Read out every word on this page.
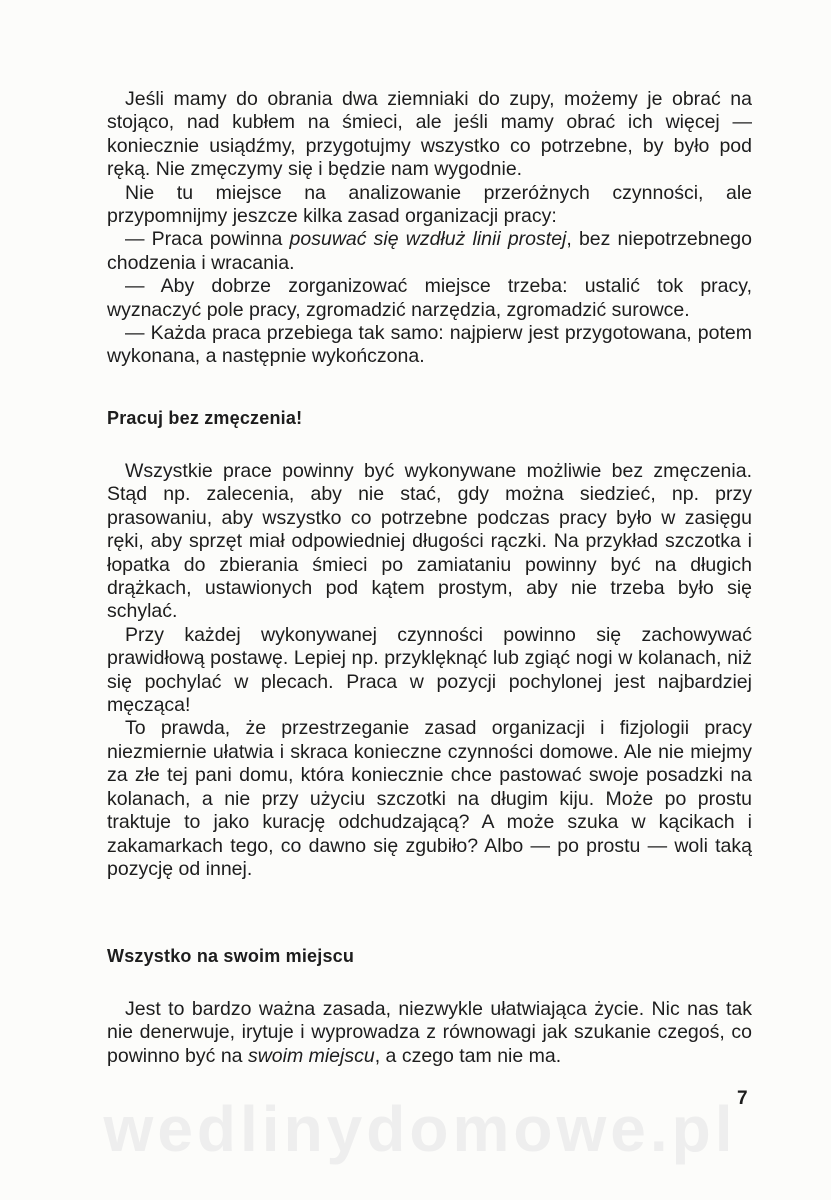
Jeśli mamy do obrania dwa ziemniaki do zupy, możemy je obrać na stojąco, nad kubłem na śmieci, ale jeśli mamy obrać ich więcej — koniecznie usiądźmy, przygotujmy wszystko co potrzebne, by było pod ręką. Nie zmęczymy się i będzie nam wygodnie.

Nie tu miejsce na analizowanie przeróżnych czynności, ale przypomnijmy jeszcze kilka zasad organizacji pracy:

— Praca powinna posuwać się wzdłuż linii prostej, bez niepotrzebnego chodzenia i wracania.

— Aby dobrze zorganizować miejsce trzeba: ustalić tok pracy, wyznaczyć pole pracy, zgromadzić narzędzia, zgromadzić surowce.

— Każda praca przebiega tak samo: najpierw jest przygotowana, potem wykonana, a następnie wykończona.

Pracuj bez zmęczenia!

Wszystkie prace powinny być wykonywane możliwie bez zmęczenia. Stąd np. zalecenia, aby nie stać, gdy można siedzieć, np. przy prasowaniu, aby wszystko co potrzebne podczas pracy było w zasięgu ręki, aby sprzęt miał odpowiedniej długości rączki. Na przykład szczotka i łopatka do zbierania śmieci po zamiataniu powinny być na długich drążkach, ustawionych pod kątem prostym, aby nie trzeba było się schylać.

Przy każdej wykonywanej czynności powinno się zachowywać prawidłową postawę. Lepiej np. przyklęknąć lub zgiąć nogi w kolanach, niż się pochylać w plecach. Praca w pozycji pochylonej jest najbardziej męcząca!

To prawda, że przestrzeganie zasad organizacji i fizjologii pracy niezmiernie ułatwia i skraca konieczne czynności domowe. Ale nie miejmy za złe tej pani domu, która koniecznie chce pastować swoje posadzki na kolanach, a nie przy użyciu szczotki na długim kiju. Może po prostu traktuje to jako kurację odchudzającą? A może szuka w kącikach i zakamarkach tego, co dawno się zgubiło? Albo — po prostu — woli taką pozycję od innej.

Wszystko na swoim miejscu

Jest to bardzo ważna zasada, niezwykle ułatwiająca życie. Nic nas tak nie denerwuje, irytuje i wyprowadza z równowagi jak szukanie czegoś, co powinno być na swoim miejscu, a czego tam nie ma.

wedlinydomowe.pl 7
